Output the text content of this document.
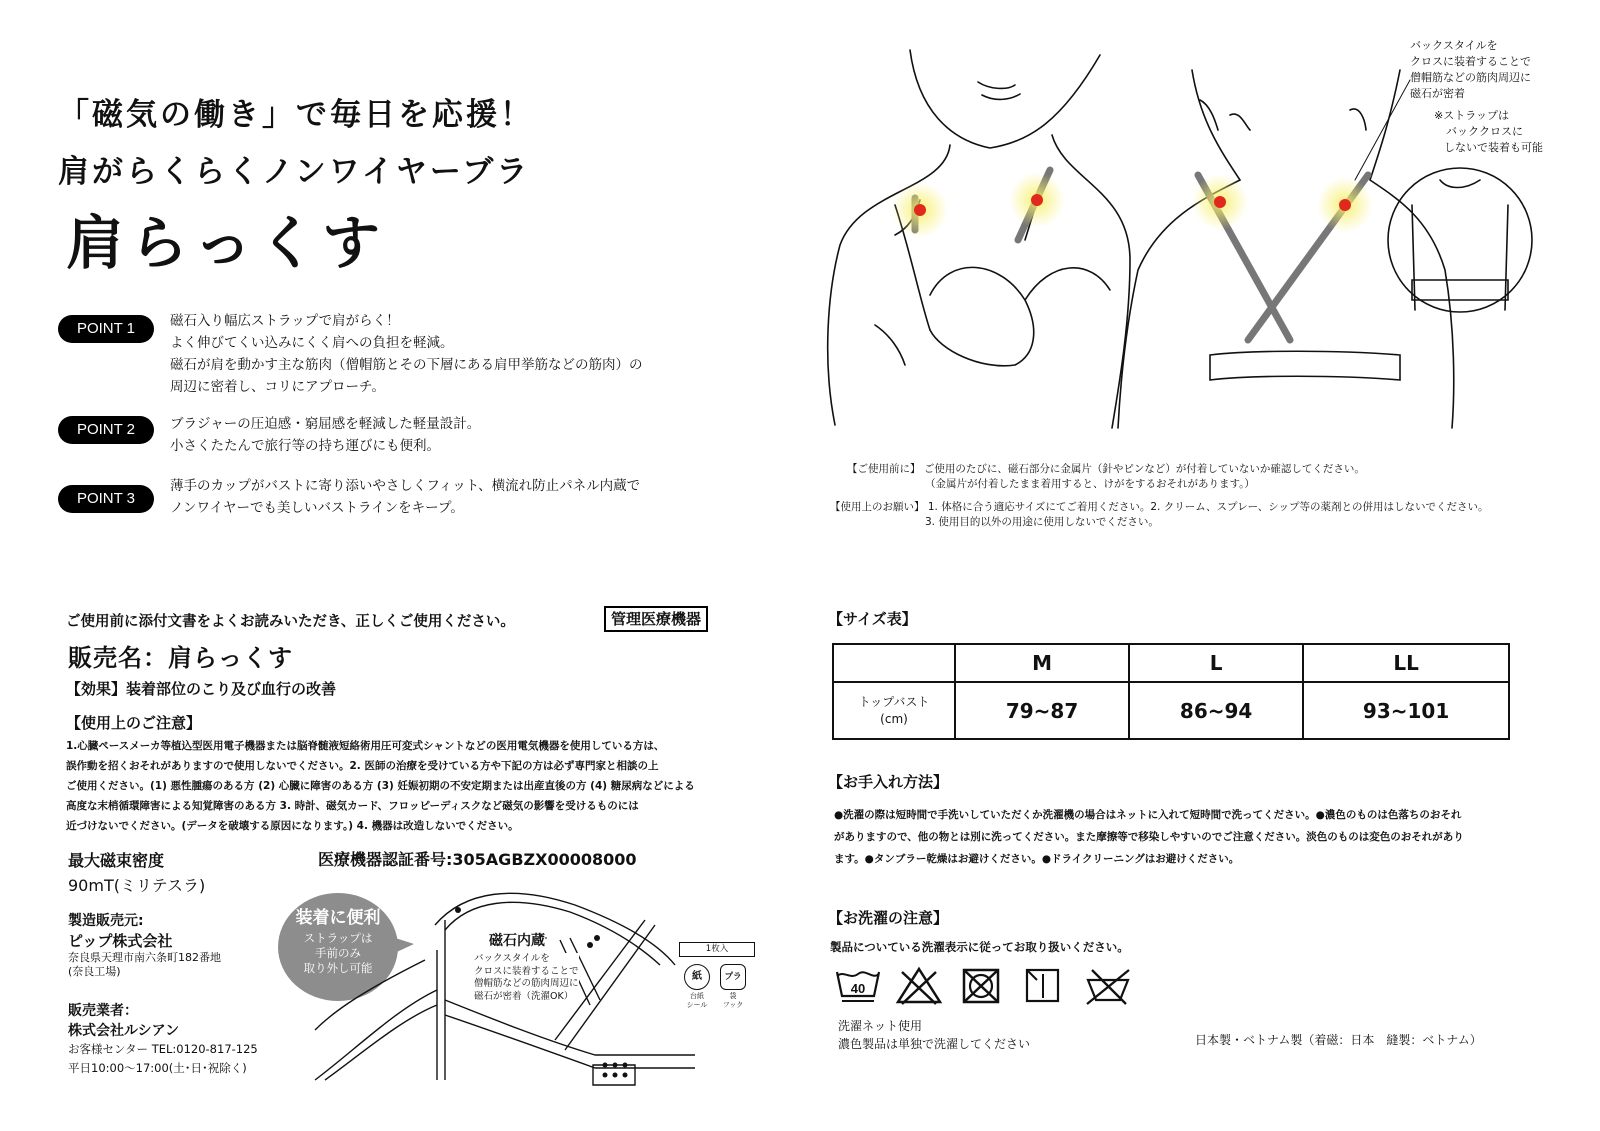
「磁気の働き」で毎日を応援！
肩がらくらくノンワイヤーブラ
肩らっくす
POINT 1	磁石入り幅広ストラップで肩がらく！
よく伸びてくい込みにくく肩への負担を軽減。
磁石が肩を動かす主な筋肉（僧帽筋とその下層にある肩甲挙筋などの筋肉）の
周辺に密着し、コリにアプローチ。
POINT 2	ブラジャーの圧迫感・窮屈感を軽減した軽量設計。
小さくたたんで旅行等の持ち運びにも便利。
POINT 3
薄手のカップがバストに寄り添いやさしくフィット、横流れ防止パネル内蔵で
ノンワイヤーでも美しいバストラインをキープ。
バックスタイルを
クロスに装着することで
僧帽筋などの筋肉周辺に
磁石が密着
※ストラップは
バッククロスに
しないで装着も可能
【ご使用前に】 ご使用のたびに、磁石部分に金属片（針やピンなど）が付着していないか確認してください。
（金属片が付着したまま着用すると、けがをするおそれがあります。）
【使用上のお願い】 1. 体格に合う適応サイズにてご着用ください。2. クリーム、スプレー、シップ等の薬剤との併用はしないでください。
3. 使用目的以外の用途に使用しないでください。
ご使用前に添付文書をよくお読みいただき、正しくご使用ください。	管理医療機器
販売名：肩らっくす
【効果】装着部位のこり及び血行の改善
【使用上のご注意】
1.心臓ペースメーカ等植込型医用電子機器または脳脊髄液短絡術用圧可変式シャントなどの医用電気機器を使用している方は、
誤作動を招くおそれがありますので使用しないでください。2. 医師の治療を受けている方や下記の方は必ず専門家と相談の上
ご使用ください。(1) 悪性腫瘍のある方 (2) 心臓に障害のある方 (3) 妊娠初期の不安定期または出産直後の方 (4) 糖尿病などによる
高度な末梢循環障害による知覚障害のある方 3. 時計、磁気カード、フロッピーディスクなど磁気の影響を受けるものには
近づけないでください。(データを破壊する原因になります。) 4. 機器は改造しないでください。
最大磁束密度
90mT(ミリテスラ)
医療機器認証番号:305AGBZX00008000
製造販売元:
ピップ株式会社
奈良県天理市南六条町182番地
(奈良工場)
販売業者：
株式会社ルシアン
お客様センター TEL:0120-817-125
平日10:00～17:00(土･日･祝除く)
装着に便利
ストラップは
手前のみ
取り外し可能
磁石内蔵
バックスタイルを
クロスに装着することで
僧帽筋などの筋肉周辺に
磁石が密着（洗濯OK）
1枚入
紙
台紙
シール
プラ
袋
フック
【サイズ表】
	M	L	LL

トップバスト
(cm)	79~87	86~94	93~101
【お手入れ方法】
●洗濯の際は短時間で手洗いしていただくか洗濯機の場合はネットに入れて短時間で洗ってください。●濃色のものは色落ちのおそれ
がありますので、他の物とは別に洗ってください。また摩擦等で移染しやすいのでご注意ください。淡色のものは変色のおそれがあり
ます。●タンブラー乾燥はお避けください。●ドライクリーニングはお避けください。
【お洗濯の注意】
製品についている洗濯表示に従ってお取り扱いください。
40
洗濯ネット使用
濃色製品は単独で洗濯してください	日本製・ベトナム製（着磁：日本　縫製：ベトナム）
